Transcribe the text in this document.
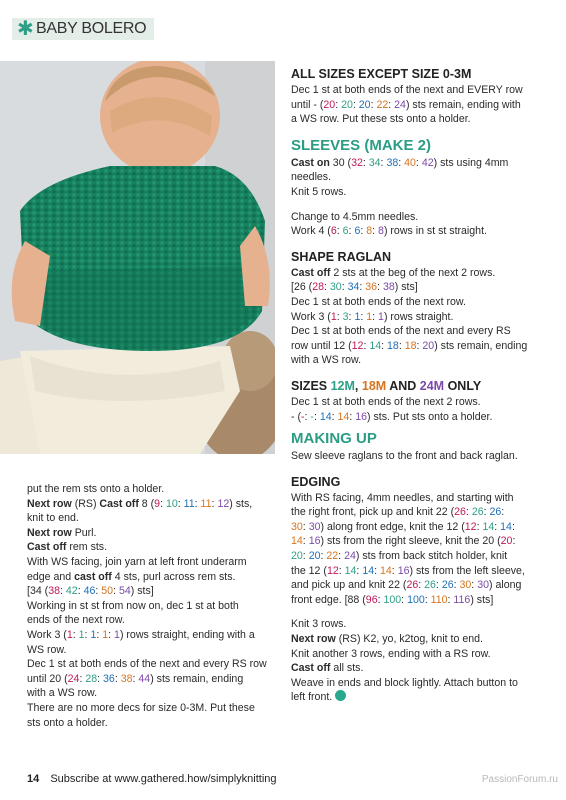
✱ BABY BOLERO
put the rem sts onto a holder.
Next row (RS) Cast off 8 (9: 10: 11: 11: 12) sts,
knit to end.
Next row Purl.
Cast off rem sts.
With WS facing, join yarn at left front underarm
edge and cast off 4 sts, purl across rem sts.
[34 (38: 42: 46: 50: 54) sts]
Working in st st from now on, dec 1 st at both
ends of the next row.
Work 3 (1: 1: 1: 1: 1) rows straight, ending with a
WS row.
Dec 1 st at both ends of the next and every RS row
until 20 (24: 28: 36: 38: 44) sts remain, ending
with a WS row.
There are no more decs for size 0-3M. Put these
sts onto a holder.
ALL SIZES EXCEPT SIZE 0-3M
Dec 1 st at both ends of the next and EVERY row
until - (20: 20: 20: 22: 24) sts remain, ending with
a WS row. Put these sts onto a holder.
SLEEVES (MAKE 2)
Cast on 30 (32: 34: 38: 40: 42) sts using 4mm
needles.
Knit 5 rows.
Change to 4.5mm needles.
Work 4 (6: 6: 6: 8: 8) rows in st st straight.
SHAPE RAGLAN
Cast off 2 sts at the beg of the next 2 rows.
[26 (28: 30: 34: 36: 38) sts]
Dec 1 st at both ends of the next row.
Work 3 (1: 3: 1: 1: 1) rows straight.
Dec 1 st at both ends of the next and every RS
row until 12 (12: 14: 18: 18: 20) sts remain, ending
with a WS row.
SIZES 12M, 18M AND 24M ONLY
Dec 1 st at both ends of the next 2 rows.
- (-: -: 14: 14: 16) sts. Put sts onto a holder.
MAKING UP
Sew sleeve raglans to the front and back raglan.
EDGING
With RS facing, 4mm needles, and starting with
the right front, pick up and knit 22 (26: 26: 26:
30: 30) along front edge, knit the 12 (12: 14: 14:
14: 16) sts from the right sleeve, knit the 20 (20:
20: 20: 22: 24) sts from back stitch holder, knit
the 12 (12: 14: 14: 14: 16) sts from the left sleeve,
and pick up and knit 22 (26: 26: 26: 30: 30) along
front edge. [88 (96: 100: 100: 110: 116) sts]
Knit 3 rows.
Next row (RS) K2, yo, k2tog, knit to end.
Knit another 3 rows, ending with a RS row.
Cast off all sts.
Weave in ends and block lightly. Attach button to
left front.
14 Subscribe at www.gathered.how/simplyknitting	PassionForum.ru
